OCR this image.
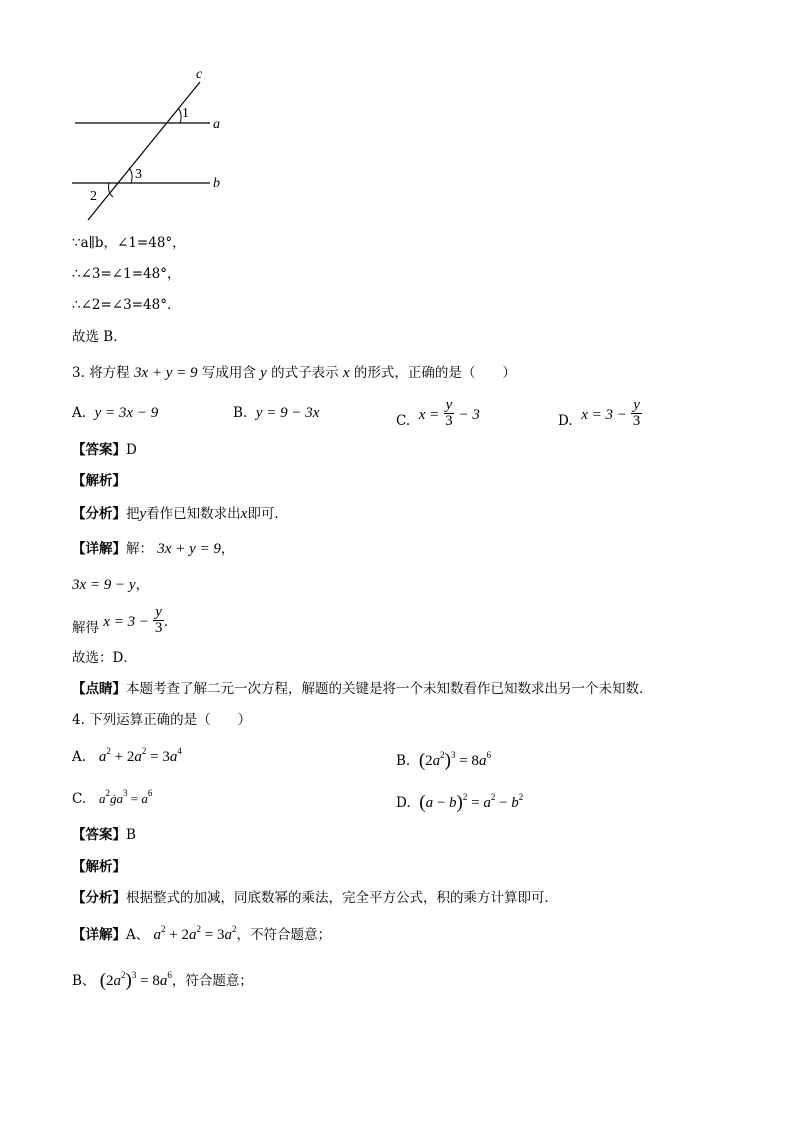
c
1
a
3
b
2
∵a∥b，∠1=48°，
∴∠3=∠1=48°，
∴∠2=∠3=48°．
故选 B．
3. 将方程 3x + y = 9 写成用含 y 的式子表示 x 的形式，正确的是（　　）
A. y = 3x − 9	B. y = 9 − 3x	C. $x = \frac{y}{3} - 3$	D. $x = 3 - \frac{y}{3}$
【答案】D
【解析】
【分析】把y看作已知数求出x即可．
【详解】解： 3x + y = 9，
3x = 9 − y，
解得 $x = 3 - \frac{y}{3}$ ．
故选：D．
【点睛】本题考查了解二元一次方程，解题的关键是将一个未知数看作已知数求出另一个未知数．
4. 下列运算正确的是（　　）
A. $a^2 + 2a^2 = 3a^4$
B. $(2a^2)^3 = 8a^6$
C. $a^2ġa^3 = a^6$
D. $(a - b)^2 = a^2 - b^2$
【答案】B
【解析】
【分析】根据整式的加减，同底数幂的乘法，完全平方公式，积的乘方计算即可．
【详解】A、 $a^2 + 2a^2 = 3a^2$，不符合题意；
B、 $(2a^2)^3 = 8a^6$，符合题意；
